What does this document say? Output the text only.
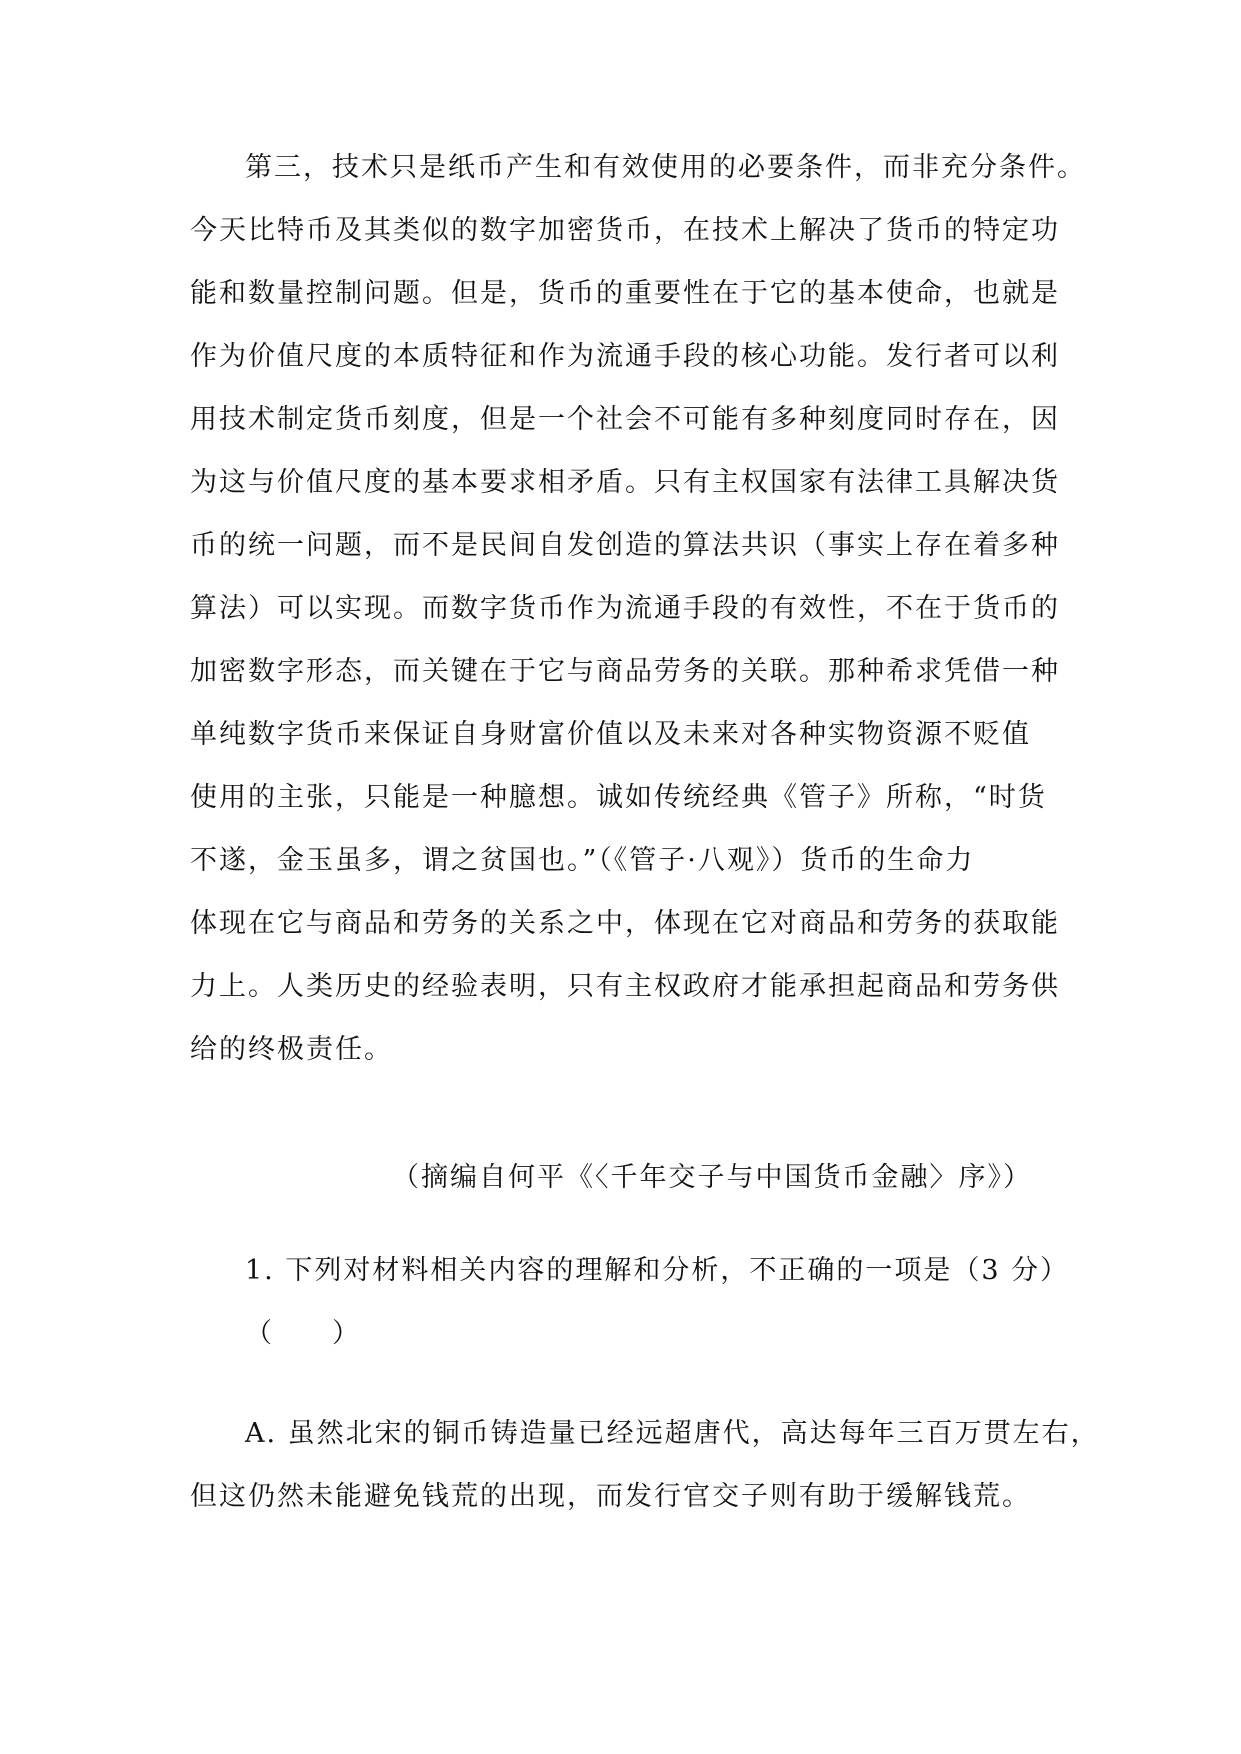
第三，技术只是纸币产生和有效使用的必要条件，而非充分条件。
今天比特币及其类似的数字加密货币，在技术上解决了货币的特定功
能和数量控制问题。但是，货币的重要性在于它的基本使命，也就是
作为价值尺度的本质特征和作为流通手段的核心功能。发行者可以利
用技术制定货币刻度，但是一个社会不可能有多种刻度同时存在，因
为这与价值尺度的基本要求相矛盾。只有主权国家有法律工具解决货
币的统一问题，而不是民间自发创造的算法共识（事实上存在着多种
算法）可以实现。而数字货币作为流通手段的有效性，不在于货币的
加密数字形态，而关键在于它与商品劳务的关联。那种希求凭借一种
单纯数字货币来保证自身财富价值以及未来对各种实物资源不贬值
使用的主张，只能是一种臆想。诚如传统经典《管子》所称，“时货
不遂，金玉虽多，谓之贫国也。”（《管子·八观》）货币的生命力
体现在它与商品和劳务的关系之中，体现在它对商品和劳务的获取能
力上。人类历史的经验表明，只有主权政府才能承担起商品和劳务供
给的终极责任。
（摘编自何平《〈千年交子与中国货币金融〉序》）
1. 下列对材料相关内容的理解和分析，不正确的一项是（3 分）
（　　）
A. 虽然北宋的铜币铸造量已经远超唐代，高达每年三百万贯左右，
但这仍然未能避免钱荒的出现，而发行官交子则有助于缓解钱荒。
